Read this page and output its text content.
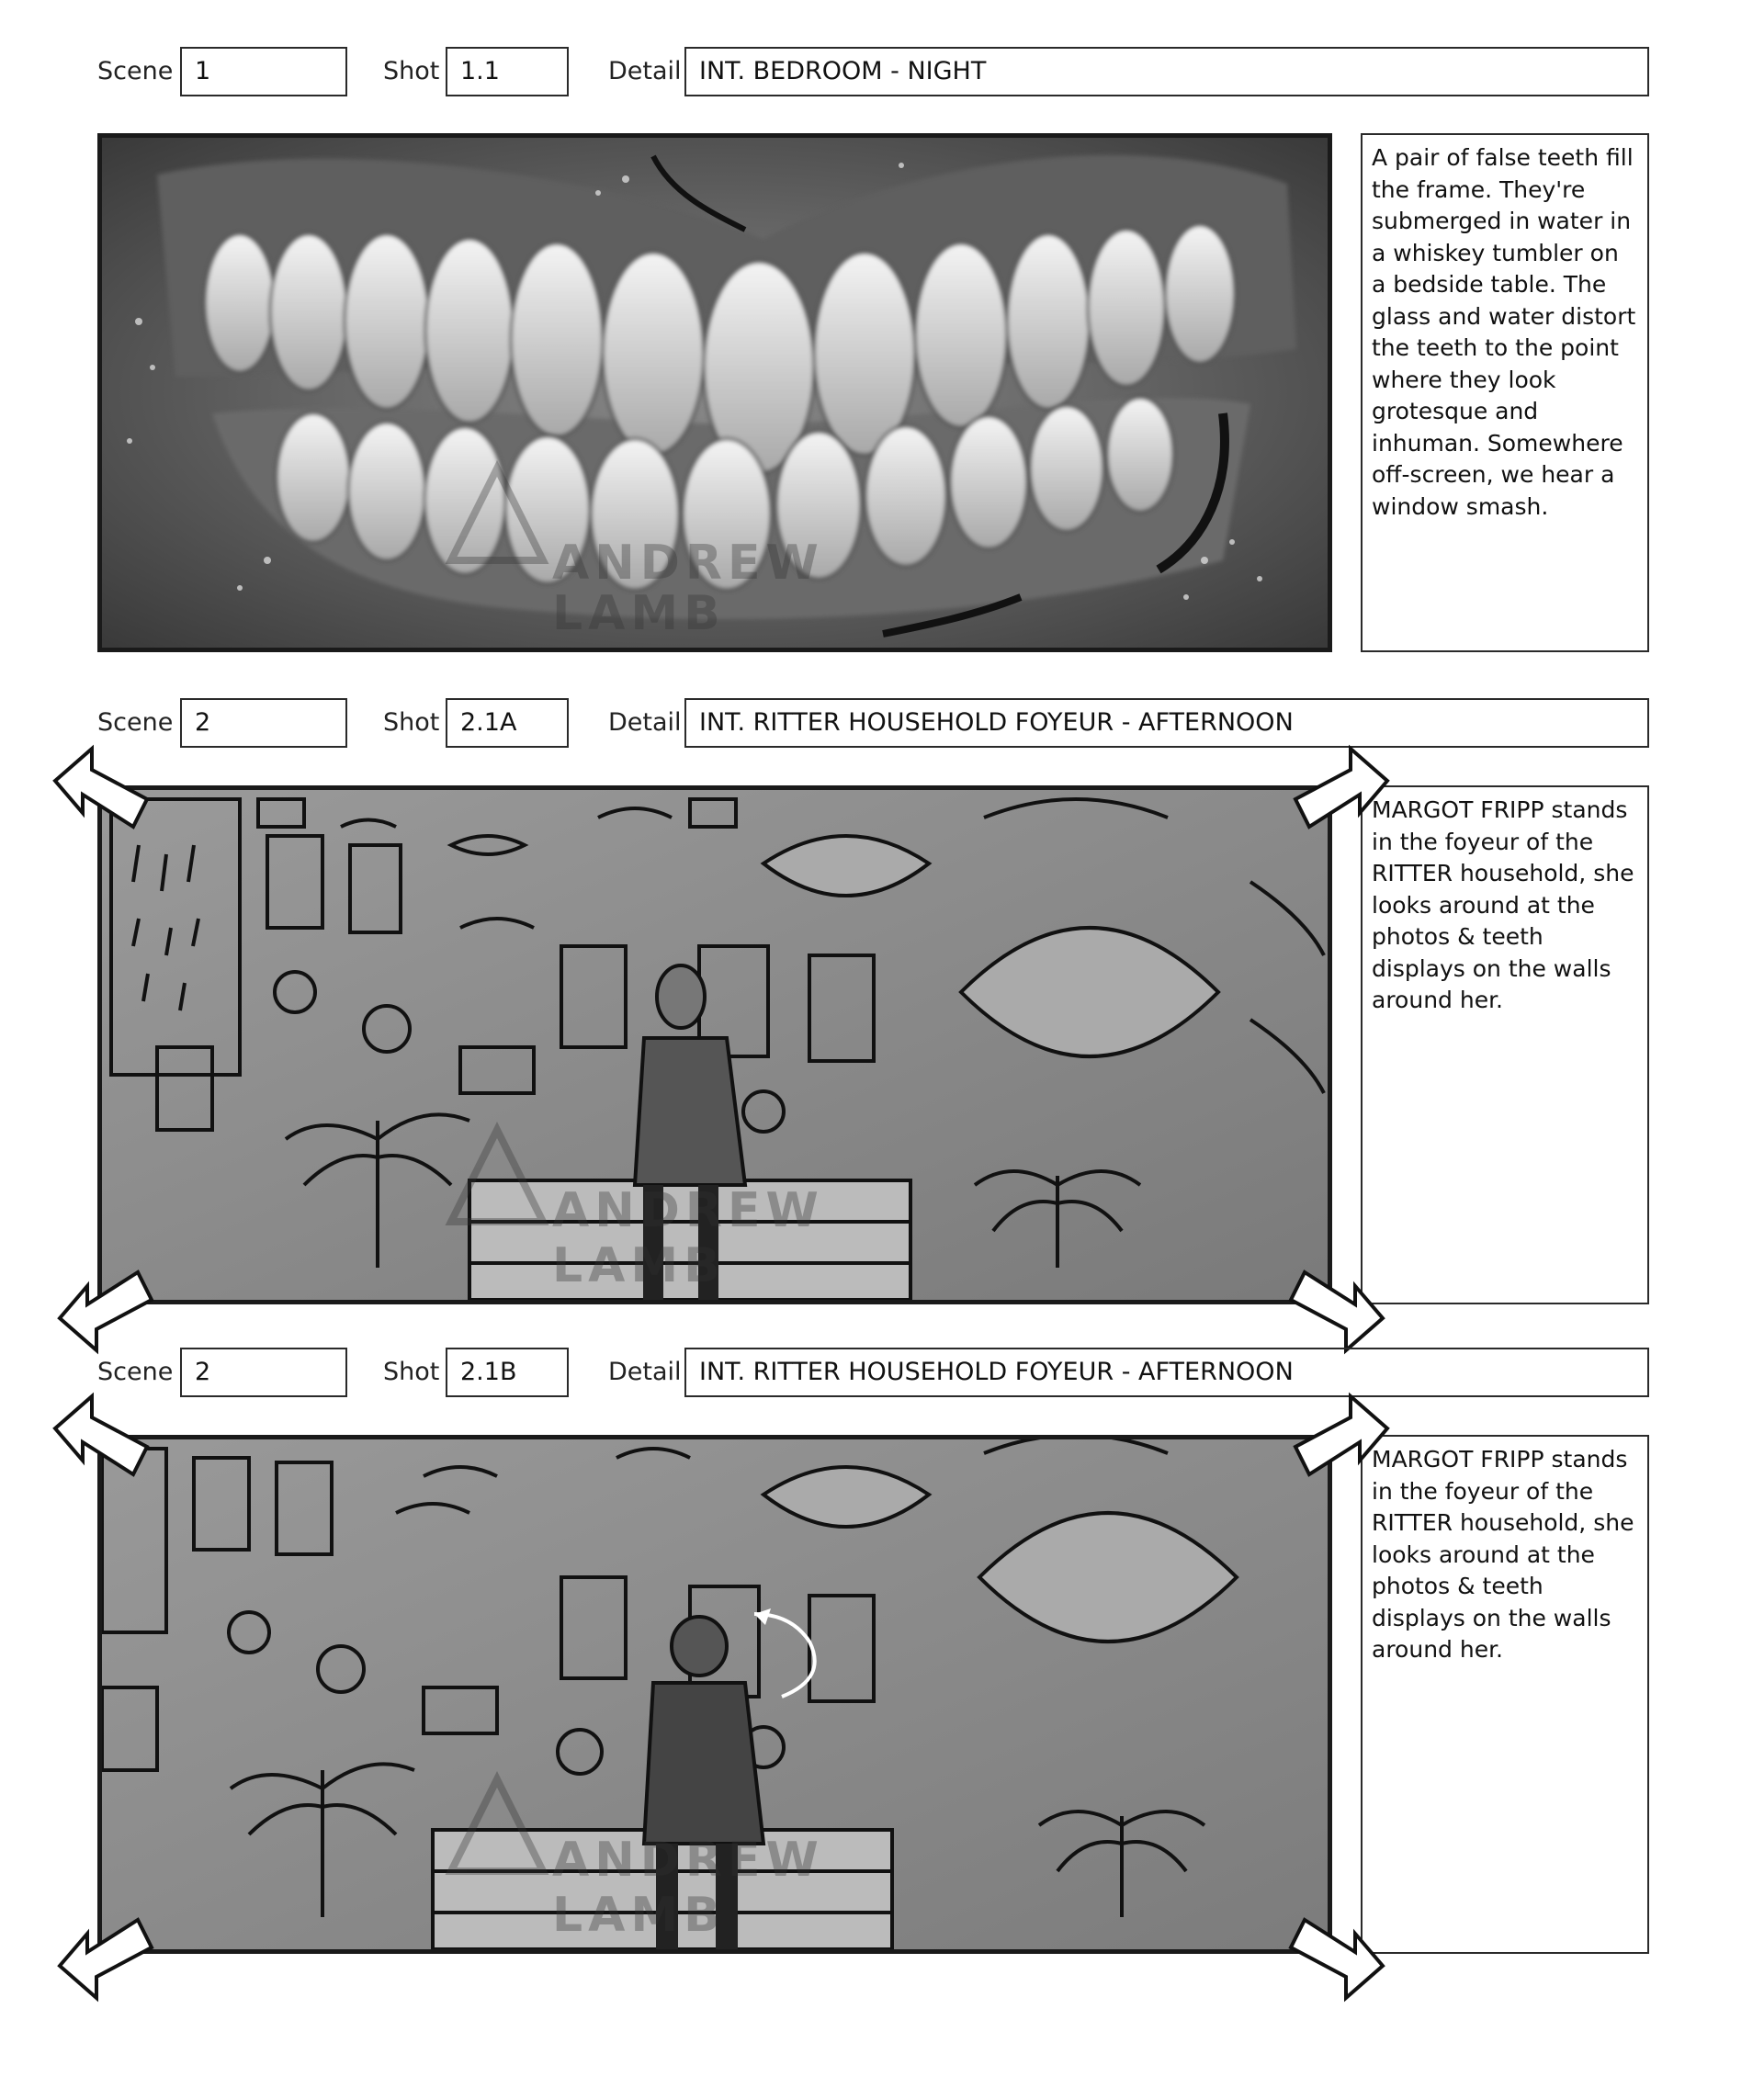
Scene 1	Shot 1.1	Detail INT. BEDROOM - NIGHT
ANDREW
LAMB
A pair of false teeth fill the frame. They're submerged in water in a whiskey tumbler on a bedside table. The glass and water distort the teeth to the point where they look grotesque and inhuman. Somewhere off-screen, we hear a window smash.
Scene 2	Shot 2.1A	Detail INT. RITTER HOUSEHOLD FOYEUR - AFTERNOON
ANDREW
LAMB
MARGOT FRIPP stands in the foyeur of the RITTER household, she looks around at the photos & teeth displays on the walls around her.
Scene 2	Shot 2.1B	Detail INT. RITTER HOUSEHOLD FOYEUR - AFTERNOON
ANDREW
LAMB
MARGOT FRIPP stands in the foyeur of the RITTER household, she looks around at the photos & teeth displays on the walls around her.
